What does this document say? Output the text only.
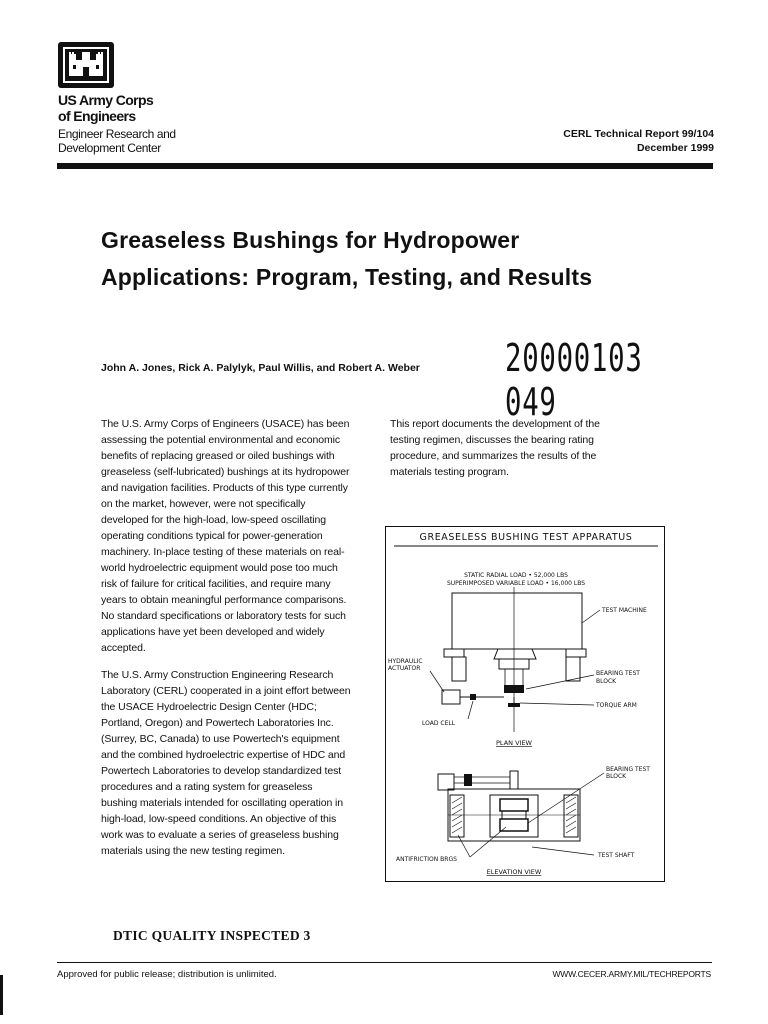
US Army Corps
of Engineers
Engineer Research and
Development Center
CERL Technical Report 99/104
December 1999
Greaseless Bushings for Hydropower Applications: Program, Testing, and Results
John A. Jones, Rick A. Palylyk, Paul Willis, and Robert A. Weber 20000103 049

The U.S. Army Corps of Engineers (USACE) has been assessing the potential environmental and economic benefits of replacing greased or oiled bushings with greaseless (self-lubricated) bushings at its hydropower and navigation facilities. Products of this type currently on the market, however, were not specifically developed for the high-load, low-speed oscillating operating conditions typical for power-generation machinery. In-place testing of these materials on real-world hydroelectric equipment would pose too much risk of failure for critical facilities, and require many years to obtain meaningful performance comparisons. No standard specifications or laboratory tests for such applications have yet been developed and widely accepted.

The U.S. Army Construction Engineering Research Laboratory (CERL) cooperated in a joint effort between the USACE Hydroelectric Design Center (HDC; Portland, Oregon) and Powertech Laboratories Inc. (Surrey, BC, Canada) to use Powertech's equipment and the combined hydroelectric expertise of HDC and Powertech Laboratories to develop standardized test procedures and a rating system for greaseless bushing materials intended for oscillating operation in high-load, low-speed conditions. An objective of this work was to evaluate a series of greaseless bushing materials using the new testing regimen.

This report documents the development of the testing regimen, discusses the bearing rating procedure, and summarizes the results of the materials testing program.

GREASELESS BUSHING TEST APPARATUS
STATIC RADIAL LOAD • 52,000 LBS
SUPERIMPOSED VARIABLE LOAD • 16,000 LBS
TEST MACHINE
HYDRAULIC
ACTUATOR
BEARING TEST
BLOCK
TORQUE ARM
LOAD CELL
PLAN VIEW
BEARING TEST
BLOCK
ANTIFRICTION BRGS
TEST SHAFT
ELEVATION VIEW
DTIC QUALITY INSPECTED 3
Approved for public release; distribution is unlimited.	WWW.CECER.ARMY.MIL/TECHREPORTS
